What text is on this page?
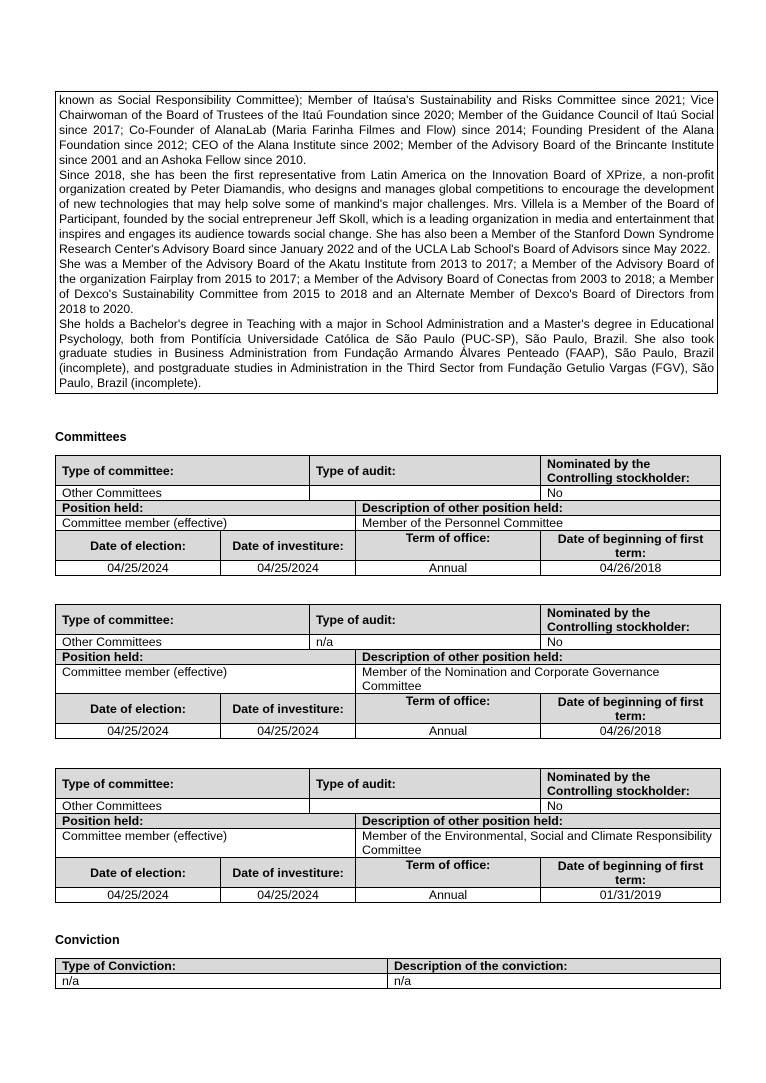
known as Social Responsibility Committee); Member of Itaúsa's Sustainability and Risks Committee since 2021; Vice Chairwoman of the Board of Trustees of the Itaú Foundation since 2020; Member of the Guidance Council of Itaú Social since 2017; Co-Founder of AlanaLab (Maria Farinha Filmes and Flow) since 2014; Founding President of the Alana Foundation since 2012; CEO of the Alana Institute since 2002; Member of the Advisory Board of the Brincante Institute since 2001 and an Ashoka Fellow since 2010.

Since 2018, she has been the first representative from Latin America on the Innovation Board of XPrize, a non-profit organization created by Peter Diamandis, who designs and manages global competitions to encourage the development of new technologies that may help solve some of mankind's major challenges. Mrs. Villela is a Member of the Board of Participant, founded by the social entrepreneur Jeff Skoll, which is a leading organization in media and entertainment that inspires and engages its audience towards social change. She has also been a Member of the Stanford Down Syndrome Research Center's Advisory Board since January 2022 and of the UCLA Lab School's Board of Advisors since May 2022.

She was a Member of the Advisory Board of the Akatu Institute from 2013 to 2017; a Member of the Advisory Board of the organization Fairplay from 2015 to 2017; a Member of the Advisory Board of Conectas from 2003 to 2018; a Member of Dexco's Sustainability Committee from 2015 to 2018 and an Alternate Member of Dexco's Board of Directors from 2018 to 2020.

She holds a Bachelor's degree in Teaching with a major in School Administration and a Master's degree in Educational Psychology, both from Pontifícia Universidade Católica de São Paulo (PUC-SP), São Paulo, Brazil. She also took graduate studies in Business Administration from Fundação Armando Álvares Penteado (FAAP), São Paulo, Brazil (incomplete), and postgraduate studies in Administration in the Third Sector from Fundação Getulio Vargas (FGV), São Paulo, Brazil (incomplete).

Committees
Type of committee:		Type of audit:		Nominated by the Controlling stockholder:
Other Committees				No
Position held:			Description of other position held:	
Committee member (effective)			Member of the Personnel Committee	
Date of election:	Date of investiture:		Term of office:	Date of beginning of first term:
04/25/2024	04/25/2024		Annual	04/26/2018
Type of committee:		Type of audit:		Nominated by the Controlling stockholder:
Other Committees		n/a		No
Position held:			Description of other position held:	
Committee member (effective)			Member of the Nomination and Corporate Governance Committee	
Date of election:	Date of investiture:		Term of office:	Date of beginning of first term:
04/25/2024	04/25/2024		Annual	04/26/2018
Type of committee:		Type of audit:		Nominated by the Controlling stockholder:
Other Committees				No
Position held:			Description of other position held:	
Committee member (effective)			Member of the Environmental, Social and Climate Responsibility Committee	
Date of election:	Date of investiture:		Term of office:	Date of beginning of first term:
04/25/2024	04/25/2024		Annual	01/31/2019
Conviction
Type of Conviction:	Description of the conviction:
n/a	n/a
